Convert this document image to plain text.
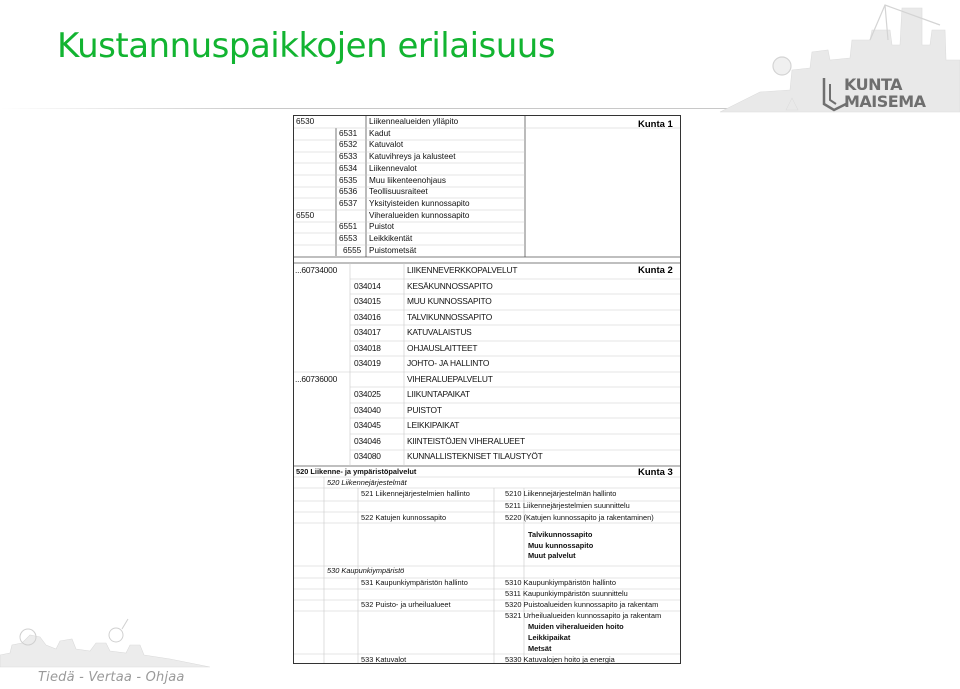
Kustannuspaikkojen erilaisuus
KUNTA
MAISEMA
Kunta 1
6530	Liikennealueiden ylläpito
6531 Kadut
6532 Katuvalot
6533 Katuvihreys ja kalusteet
6534 Liikennevalot
6535 Muu liikenteenohjaus
6536 Teollisuusraiteet
6537 Yksityisteiden kunnossapito
6550	Viheralueiden kunnossapito
6551 Puistot
6553 Leikkikentät
6555 Puistometsät
Kunta 2
...60734000	LIIKENNEVERKKOPALVELUT
034014	KESÄKUNNOSSAPITO
034015	MUU KUNNOSSAPITO
034016	TALVIKUNNOSSAPITO
034017	KATUVALAISTUS
034018	OHJAUSLAITTEET
034019	JOHTO- JA HALLINTO
...60736000	VIHERALUEPALVELUT
034025	LIIKUNTAPAIKAT
034040	PUISTOT
034045	LEIKKIPAIKAT
034046	KIINTEISTÖJEN VIHERALUEET
034080	KUNNALLISTEKNISET TILAUSTYÖT
Kunta 3
520 Liikenne- ja ympäristöpalvelut
520 Liikennejärjestelmät
521 Liikennejärjestelmien hallinto	5210 Liikennejärjestelmän hallinto
5211 Liikennejärjestelmien suunnittelu
522 Katujen kunnossapito	5220 (Katujen kunnossapito ja rakentaminen)
Talvikunnossapito
Muu kunnossapito
Muut palvelut
530 Kaupunkiympäristö
531 Kaupunkiympäristön hallinto	5310 Kaupunkiympäristön hallinto
5311 Kaupunkiympäristön suunnittelu
532 Puisto- ja urheilualueet	5320 Puistoalueiden kunnossapito ja rakentam
5321 Urheilualueiden kunnossapito ja rakentam
Muiden viheralueiden hoito
Leikkipaikat
Metsät
533 Katuvalot	5330 Katuvalojen hoito ja energia
Tiedä - Vertaa - Ohjaa
